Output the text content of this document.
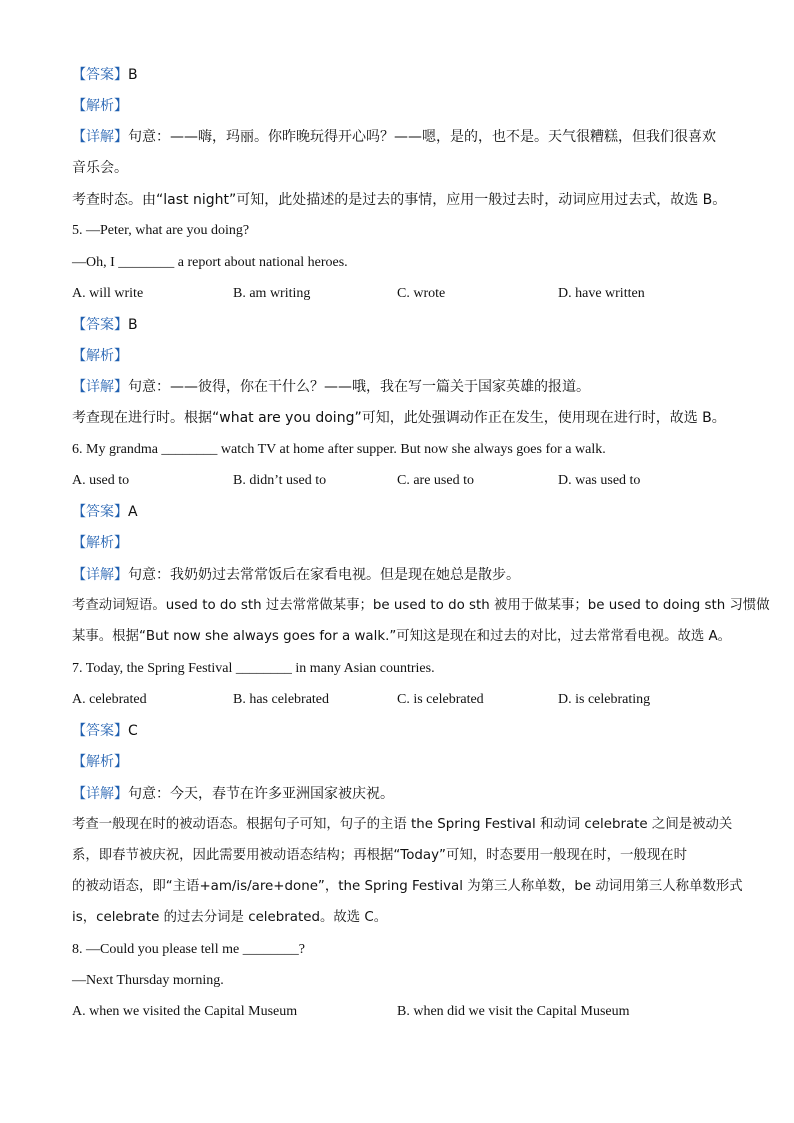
【答案】B
【解析】
【详解】句意：——嗨，玛丽。你昨晚玩得开心吗？——嗯，是的，也不是。天气很糟糕，但我们很喜欢
音乐会。
考查时态。由“last night”可知，此处描述的是过去的事情，应用一般过去时，动词应用过去式，故选 B。
5. —Peter, what are you doing?
—Oh, I ________ a report about national heroes.
A. will write	B. am writing	C. wrote	D. have written
【答案】B
【解析】
【详解】句意：——彼得，你在干什么？——哦，我在写一篇关于国家英雄的报道。
考查现在进行时。根据“what are you doing”可知，此处强调动作正在发生，使用现在进行时，故选 B。
6. My grandma ________ watch TV at home after supper. But now she always goes for a walk.
A. used to	B. didn’t used to	C. are used to	D. was used to
【答案】A
【解析】
【详解】句意：我奶奶过去常常饭后在家看电视。但是现在她总是散步。
考查动词短语。used to do sth 过去常常做某事；be used to do sth 被用于做某事；be used to doing sth 习惯做
某事。根据“But now she always goes for a walk.”可知这是现在和过去的对比，过去常常看电视。故选 A。
7. Today, the Spring Festival ________ in many Asian countries.
A. celebrated	B. has celebrated	C. is celebrated	D. is celebrating
【答案】C
【解析】
【详解】句意：今天，春节在许多亚洲国家被庆祝。
考查一般现在时的被动语态。根据句子可知，句子的主语 the Spring Festival 和动词 celebrate 之间是被动关
系，即春节被庆祝，因此需要用被动语态结构；再根据“Today”可知，时态要用一般现在时，一般现在时
的被动语态，即“主语+am/is/are+done”，the Spring Festival 为第三人称单数，be 动词用第三人称单数形式
is，celebrate 的过去分词是 celebrated。故选 C。
8. —Could you please tell me ________?
—Next Thursday morning.
A. when we visited the Capital Museum	B. when did we visit the Capital Museum
